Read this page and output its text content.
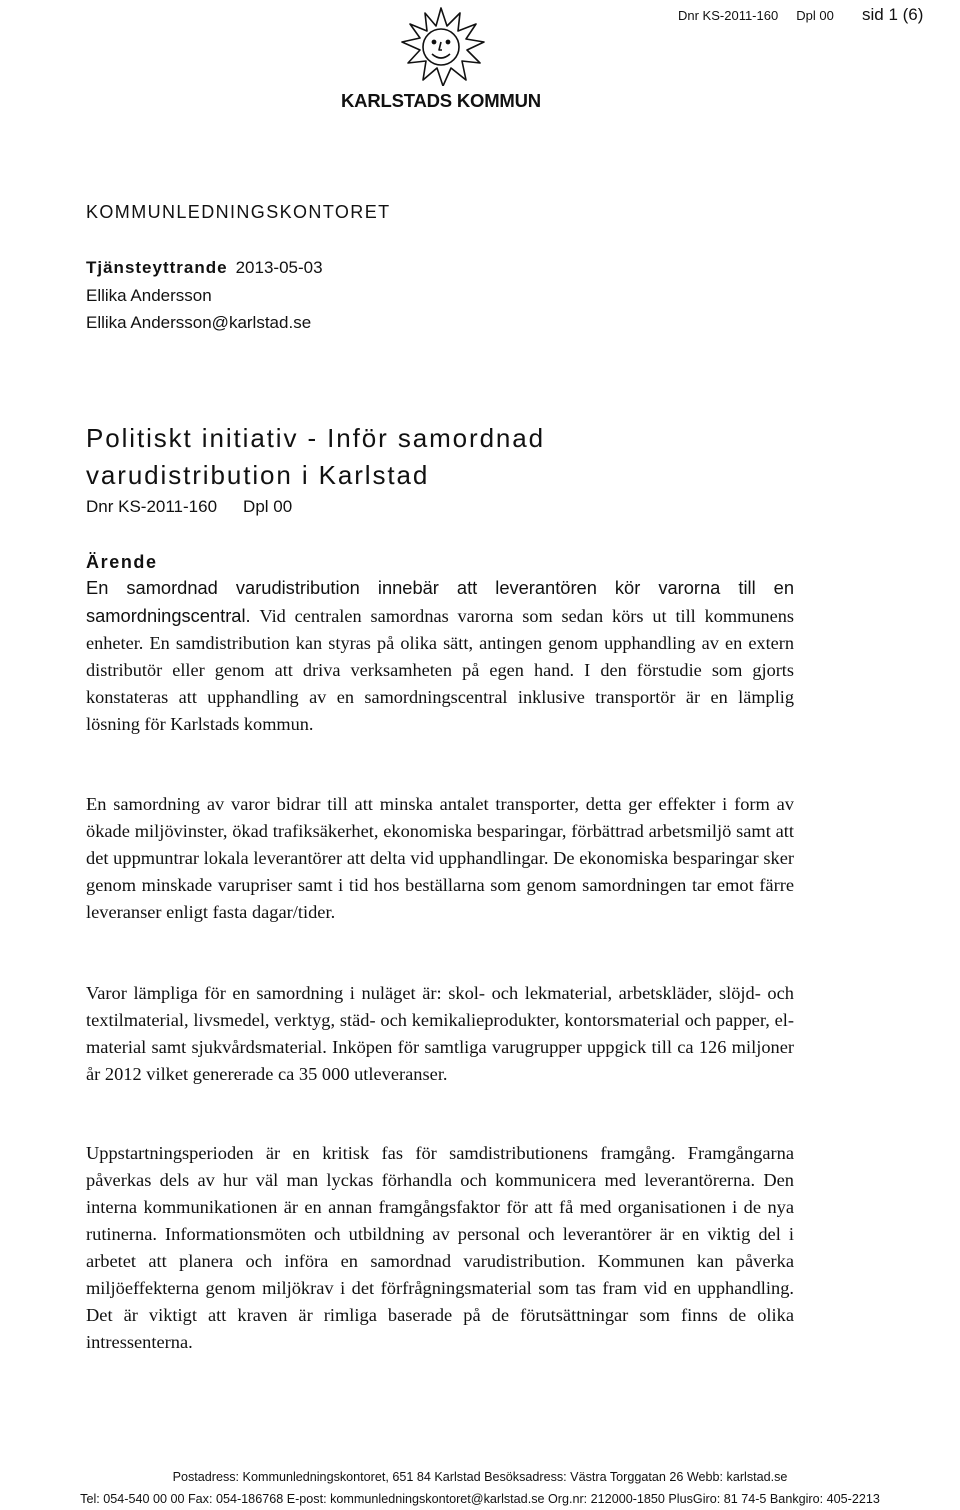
Dnr KS-2011-160 Dpl 00 sid 1 (6)
KARLSTADS KOMMUN
KOMMUNLEDNINGSKONTORET
Tjänsteyttrande 2013-05-03
Ellika Andersson
Ellika Andersson@karlstad.se
Politiskt initiativ - Inför samordnad varudistribution i Karlstad
Dnr KS-2011-160 Dpl 00
Ärende
En samordnad varudistribution innebär att leverantören kör varorna till en samordningscentral. Vid centralen samordnas varorna som sedan körs ut till kommunens enheter. En samdistribution kan styras på olika sätt, antingen genom upphandling av en extern distributör eller genom att driva verksamheten på egen hand. I den förstudie som gjorts konstateras att upphandling av en samordningscentral inklusive transportör är en lämplig lösning för Karlstads kommun.
En samordning av varor bidrar till att minska antalet transporter, detta ger effekter i form av ökade miljövinster, ökad trafiksäkerhet, ekonomiska besparingar, förbättrad arbetsmiljö samt att det uppmuntrar lokala leverantörer att delta vid upphandlingar. De ekonomiska besparingar sker genom minskade varupriser samt i tid hos beställarna som genom samordningen tar emot färre leveranser enligt fasta dagar/tider.
Varor lämpliga för en samordning i nuläget är: skol- och lekmaterial, arbetskläder, slöjd- och textilmaterial, livsmedel, verktyg, städ- och kemikalieprodukter, kontorsmaterial och papper, el-material samt sjukvårdsmaterial. Inköpen för samtliga varugrupper uppgick till ca 126 miljoner år 2012 vilket genererade ca 35 000 utleveranser.
Uppstartningsperioden är en kritisk fas för samdistributionens framgång. Framgångarna påverkas dels av hur väl man lyckas förhandla och kommunicera med leverantörerna. Den interna kommunikationen är en annan framgångsfaktor för att få med organisationen i de nya rutinerna. Informationsmöten och utbildning av personal och leverantörer är en viktig del i arbetet att planera och införa en samordnad varudistribution. Kommunen kan påverka miljöeffekterna genom miljökrav i det förfrågningsmaterial som tas fram vid en upphandling. Det är viktigt att kraven är rimliga baserade på de förutsättningar som finns de olika intressenterna.
Postadress: Kommunledningskontoret, 651 84 Karlstad Besöksadress: Västra Torggatan 26 Webb: karlstad.se
Tel: 054-540 00 00 Fax: 054-186768 E-post: kommunledningskontoret@karlstad.se Org.nr: 212000-1850 PlusGiro: 81 74-5 Bankgiro: 405-2213
